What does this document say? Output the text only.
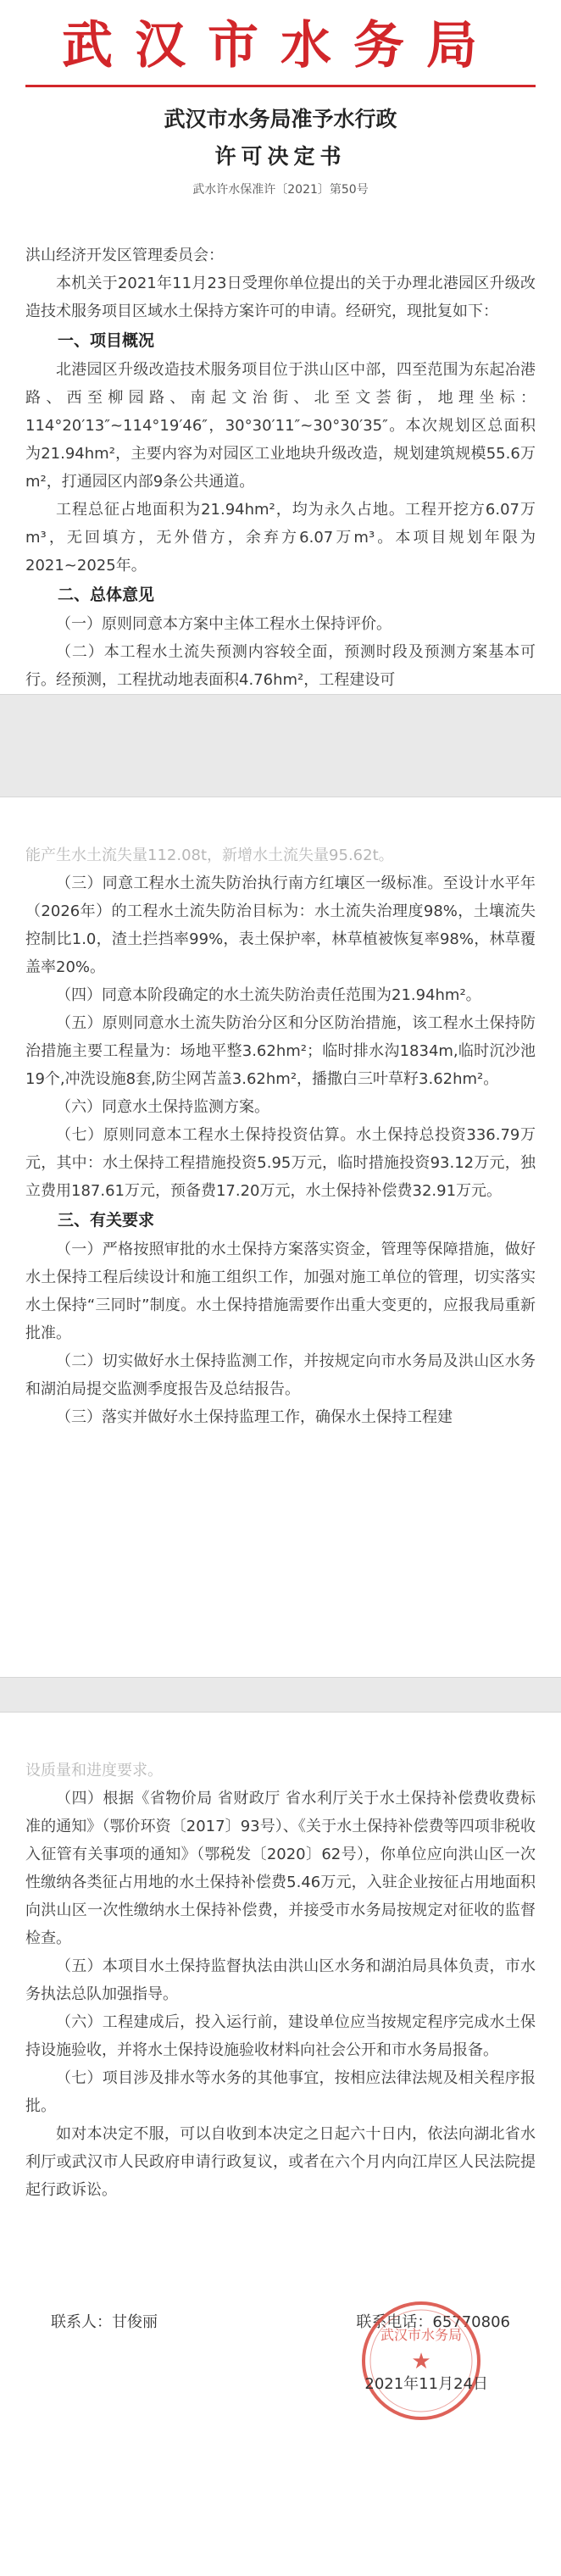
武汉市水务局
武汉市水务局准予水行政
许可决定书
武水许水保准许〔2021〕第50号
洪山经济开发区管理委员会：
本机关于2021年11月23日受理你单位提出的关于办理北港园区升级改造技术服务项目区域水土保持方案许可的申请。经研究，现批复如下：
一、项目概况
北港园区升级改造技术服务项目位于洪山区中部，四至范围为东起冶港路、西至柳园路、南起文治街、北至文荟街，地理坐标：114°20′13″~114°19′46″，30°30′11″~30°30′35″。本次规划区总面积为21.94hm²，主要内容为对园区工业地块升级改造，规划建筑规模55.6万m²，打通园区内部9条公共通道。
工程总征占地面积为21.94hm²，均为永久占地。工程开挖方6.07万m³，无回填方，无外借方，余弃方6.07万m³。本项目规划年限为2021~2025年。
二、总体意见
（一）原则同意本方案中主体工程水土保持评价。
（二）本工程水土流失预测内容较全面，预测时段及预测方案基本可行。经预测，工程扰动地表面积4.76hm²，工程建设可
能产生水土流失量112.08t，新增水土流失量95.62t。
（三）同意工程水土流失防治执行南方红壤区一级标准。至设计水平年（2026年）的工程水土流失防治目标为：水土流失治理度98%，土壤流失控制比1.0，渣土拦挡率99%，表土保护率，林草植被恢复率98%，林草覆盖率20%。
（四）同意本阶段确定的水土流失防治责任范围为21.94hm²。
（五）原则同意水土流失防治分区和分区防治措施，该工程水土保持防治措施主要工程量为：场地平整3.62hm²；临时排水沟1834m,临时沉沙池19个,冲洗设施8套,防尘网苫盖3.62hm²，播撒白三叶草籽3.62hm²。
（六）同意水土保持监测方案。
（七）原则同意本工程水土保持投资估算。水土保持总投资336.79万元，其中：水土保持工程措施投资5.95万元，临时措施投资93.12万元，独立费用187.61万元，预备费17.20万元，水土保持补偿费32.91万元。
三、有关要求
（一）严格按照审批的水土保持方案落实资金，管理等保障措施，做好水土保持工程后续设计和施工组织工作，加强对施工单位的管理，切实落实水土保持“三同时”制度。水土保持措施需要作出重大变更的，应报我局重新批准。
（二）切实做好水土保持监测工作，并按规定向市水务局及洪山区水务和湖泊局提交监测季度报告及总结报告。
（三）落实并做好水土保持监理工作，确保水土保持工程建
设质量和进度要求。
（四）根据《省物价局 省财政厅 省水利厅关于水土保持补偿费收费标准的通知》（鄂价环资〔2017〕93号）、《关于水土保持补偿费等四项非税收入征管有关事项的通知》（鄂税发〔2020〕62号），你单位应向洪山区一次性缴纳各类征占用地的水土保持补偿费5.46万元，入驻企业按征占用地面积向洪山区一次性缴纳水土保持补偿费，并接受市水务局按规定对征收的监督检查。
（五）本项目水土保持监督执法由洪山区水务和湖泊局具体负责，市水务执法总队加强指导。
（六）工程建成后，投入运行前，建设单位应当按规定程序完成水土保持设施验收，并将水土保持设施验收材料向社会公开和市水务局报备。
（七）项目涉及排水等水务的其他事宜，按相应法律法规及相关程序报批。
如对本决定不服，可以自收到本决定之日起六十日内，依法向湖北省水利厅或武汉市人民政府申请行政复议，或者在六个月内向江岸区人民法院提起行政诉讼。
联系人：甘俊丽	联系电话：65770806
武汉市水务局
★
2021年11月24日
